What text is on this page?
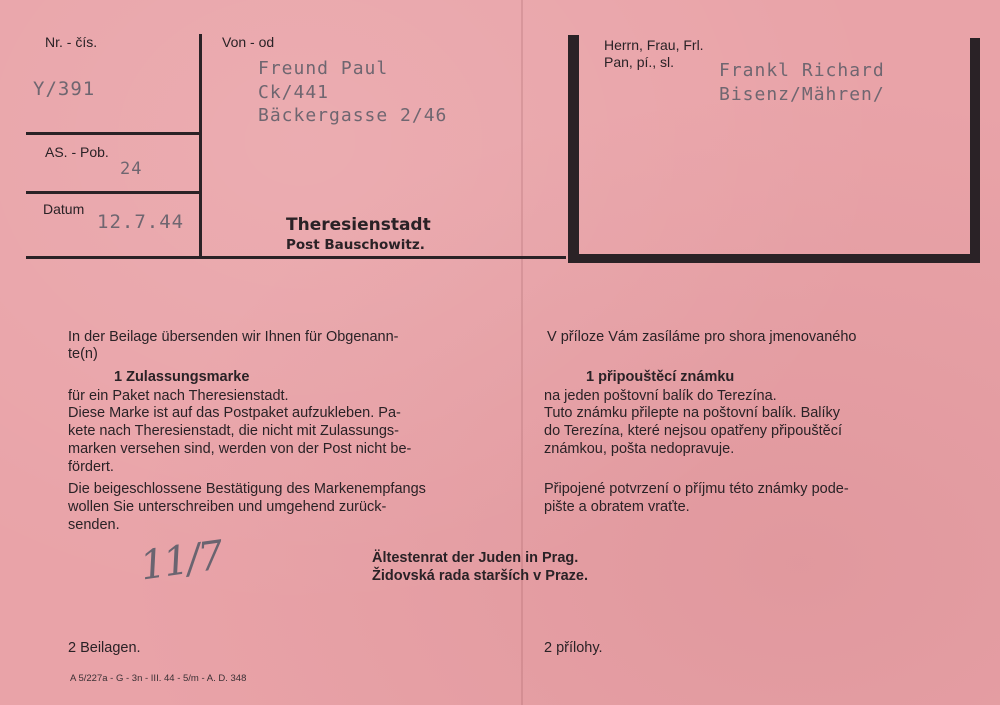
Nr. - čís.
Y/391
AS. - Pob.
24
Datum
12.7.44
Von - od
Freund Paul
Ck/441
Bäckergasse 2/46
Theresienstadt
Post Bauschowitz.
Herrn, Frau, Frl.
Pan, pí., sl. Frankl Richard
Bisenz/Mähren/
In der Beilage übersenden wir Ihnen für Obgenann-
te(n)
1 Zulassungsmarke
für ein Paket nach Theresienstadt.
Diese Marke ist auf das Postpaket aufzukleben. Pa-
kete nach Theresienstadt, die nicht mit Zulassungs-
marken versehen sind, werden von der Post nicht be-
fördert.
Die beigeschlossene Bestätigung des Markenempfangs
wollen Sie unterschreiben und umgehend zurück-
senden.
V příloze Vám zasíláme pro shora jmenovaného
1 připouštěcí známku
na jeden poštovní balík do Terezína.
Tuto známku přilepte na poštovní balík. Balíky
do Terezína, které nejsou opatřeny připouštěcí
známkou, pošta nedopravuje.
Připojené potvrzení o příjmu této známky pode-
pište a obratem vraťte.
11/7	Ältestenrat der Juden in Prag.
Židovská rada starších v Praze.
2 Beilagen.	2 přílohy.
A 5/227a - G - 3n - III. 44 - 5/m - A. D. 348
